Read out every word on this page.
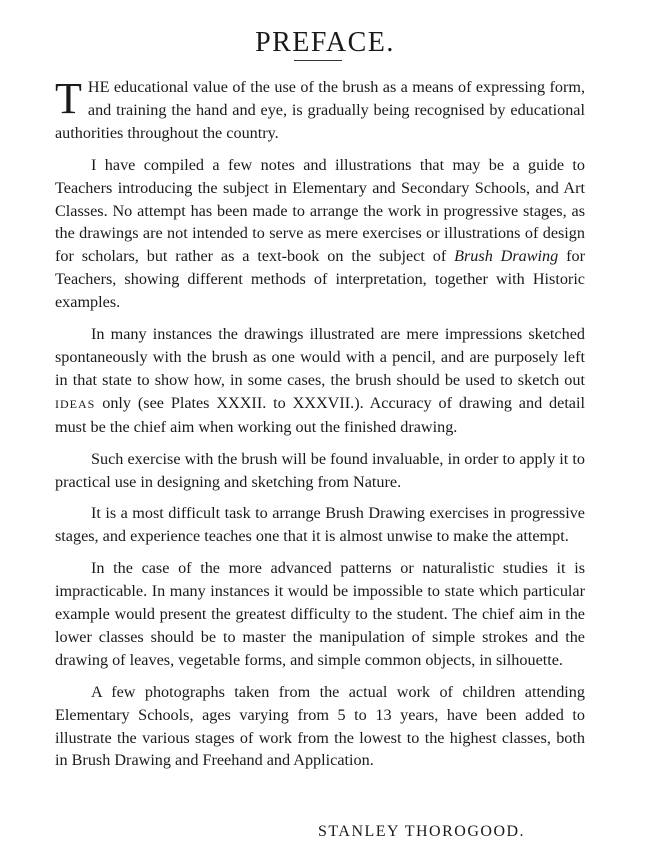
PREFACE.

THE educational value of the use of the brush as a means of expressing form, and training the hand and eye, is gradually being recognised by educational authorities throughout the country.

I have compiled a few notes and illustrations that may be a guide to Teachers introducing the subject in Elementary and Secondary Schools, and Art Classes. No attempt has been made to arrange the work in progressive stages, as the drawings are not intended to serve as mere exercises or illustrations of design for scholars, but rather as a text-book on the subject of Brush Drawing for Teachers, showing different methods of interpretation, together with Historic examples.

In many instances the drawings illustrated are mere impressions sketched spontaneously with the brush as one would with a pencil, and are purposely left in that state to show how, in some cases, the brush should be used to sketch out IDEAS only (see Plates XXXII. to XXXVII.). Accuracy of drawing and detail must be the chief aim when working out the finished drawing.

Such exercise with the brush will be found invaluable, in order to apply it to practical use in designing and sketching from Nature.

It is a most difficult task to arrange Brush Drawing exercises in progressive stages, and experience teaches one that it is almost unwise to make the attempt.

In the case of the more advanced patterns or naturalistic studies it is impracticable. In many instances it would be impossible to state which particular example would present the greatest difficulty to the student. The chief aim in the lower classes should be to master the manipulation of simple strokes and the drawing of leaves, vegetable forms, and simple common objects, in silhouette.

A few photographs taken from the actual work of children attending Elementary Schools, ages varying from 5 to 13 years, have been added to illustrate the various stages of work from the lowest to the highest classes, both in Brush Drawing and Freehand and Application.

STANLEY THOROGOOD.
